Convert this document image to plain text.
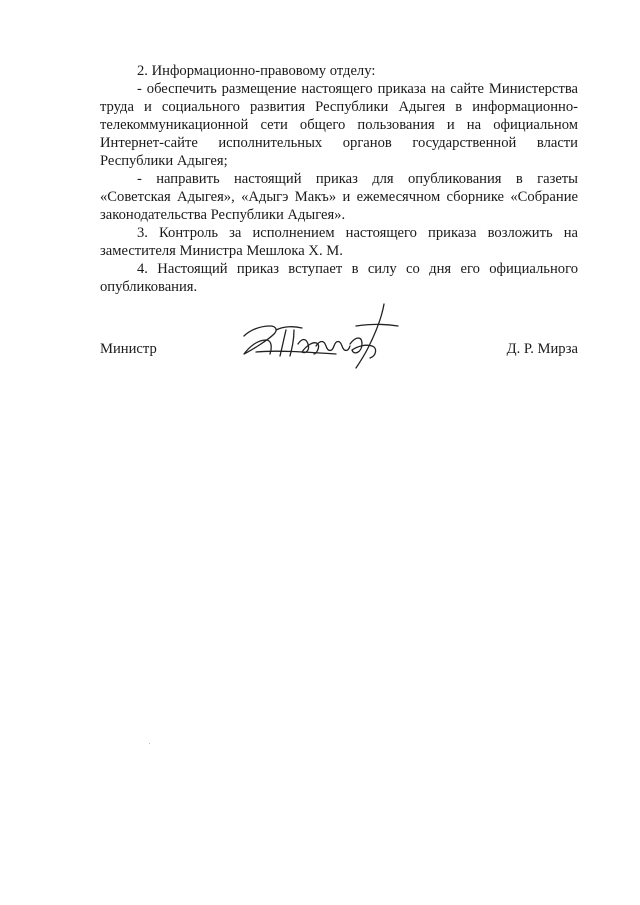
2. Информационно-правовому отделу:

- обеспечить размещение настоящего приказа на сайте Министерства

труда и социального развития Республики Адыгея в информационно-

телекоммуникационной сети общего пользования и на официальном

Интернет-сайте исполнительных органов государственной власти

Республики Адыгея;

- направить настоящий приказ для опубликования в газеты

«Советская Адыгея», «Адыгэ Макъ» и ежемесячном сборнике «Собрание

законодательства Республики Адыгея».

3. Контроль за исполнением настоящего приказа возложить на

заместителя Министра Мешлока Х. М.

4. Настоящий приказ вступает в силу со дня его официального

опубликования.

Министр	Д. Р. Мирза
